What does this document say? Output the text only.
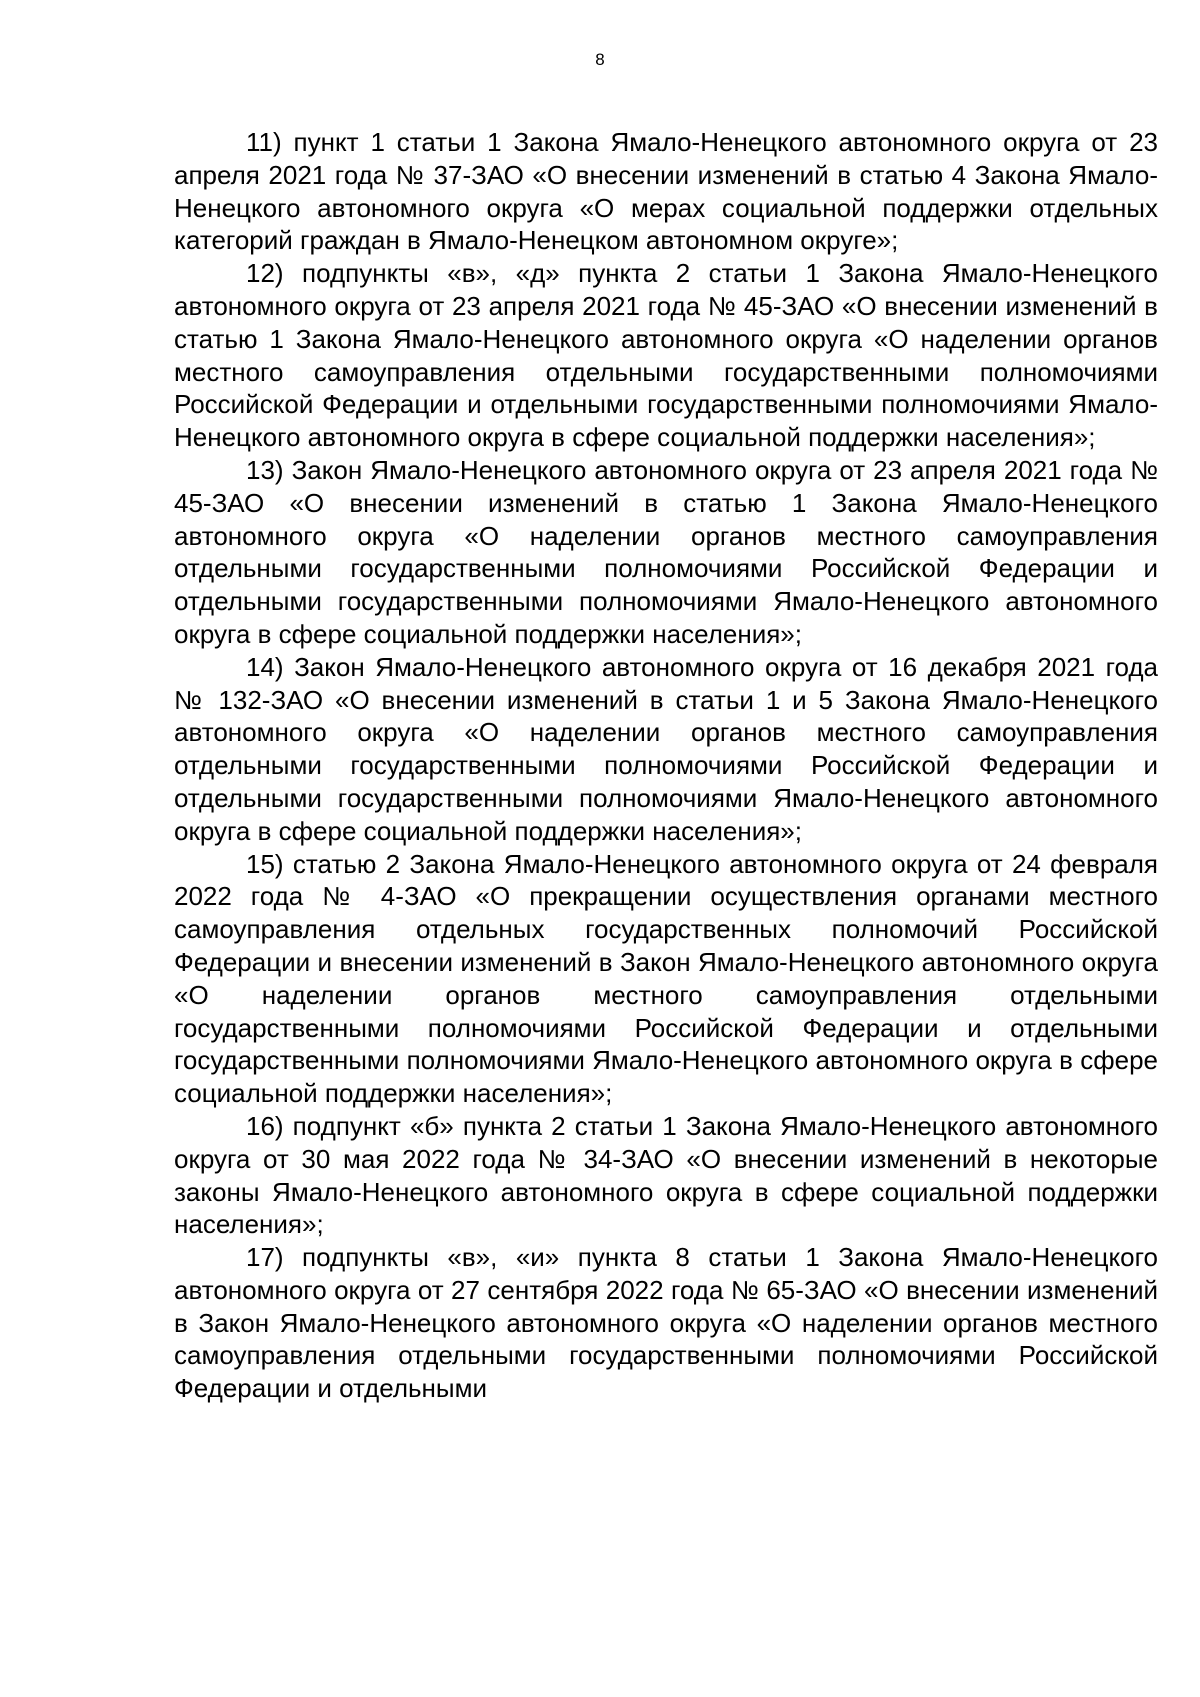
8

11) пункт 1 статьи 1 Закона Ямало-Ненецкого автономного округа от 23 апреля 2021 года № 37-ЗАО «О внесении изменений в статью 4 Закона Ямало-Ненецкого автономного округа «О мерах социальной поддержки отдельных категорий граждан в Ямало-Ненецком автономном округе»;

12) подпункты «в», «д» пункта 2 статьи 1 Закона Ямало-Ненецкого автономного округа от 23 апреля 2021 года № 45-ЗАО «О внесении изменений в статью 1 Закона Ямало-Ненецкого автономного округа «О наделении органов местного самоуправления отдельными государственными полномочиями Российской Федерации и отдельными государственными полномочиями Ямало-Ненецкого автономного округа в сфере социальной поддержки населения»;

13) Закон Ямало-Ненецкого автономного округа от 23 апреля 2021 года № 45-ЗАО «О внесении изменений в статью 1 Закона Ямало-Ненецкого автономного округа «О наделении органов местного самоуправления отдельными государственными полномочиями Российской Федерации и отдельными государственными полномочиями Ямало-Ненецкого автономного округа в сфере социальной поддержки населения»;

14) Закон Ямало-Ненецкого автономного округа от 16 декабря 2021 года № 132-ЗАО «О внесении изменений в статьи 1 и 5 Закона Ямало-Ненецкого автономного округа «О наделении органов местного самоуправления отдельными государственными полномочиями Российской Федерации и отдельными государственными полномочиями Ямало-Ненецкого автономного округа в сфере социальной поддержки населения»;

15) статью 2 Закона Ямало-Ненецкого автономного округа от 24 февраля 2022 года № 4-ЗАО «О прекращении осуществления органами местного самоуправления отдельных государственных полномочий Российской Федерации и внесении изменений в Закон Ямало-Ненецкого автономного округа «О наделении органов местного самоуправления отдельными государственными полномочиями Российской Федерации и отдельными государственными полномочиями Ямало-Ненецкого автономного округа в сфере социальной поддержки населения»;

16) подпункт «б» пункта 2 статьи 1 Закона Ямало-Ненецкого автономного округа от 30 мая 2022 года № 34-ЗАО «О внесении изменений в некоторые законы Ямало-Ненецкого автономного округа в сфере социальной поддержки населения»;

17) подпункты «в», «и» пункта 8 статьи 1 Закона Ямало-Ненецкого автономного округа от 27 сентября 2022 года № 65-ЗАО «О внесении изменений в Закон Ямало-Ненецкого автономного округа «О наделении органов местного самоуправления отдельными государственными полномочиями Российской Федерации и отдельными
